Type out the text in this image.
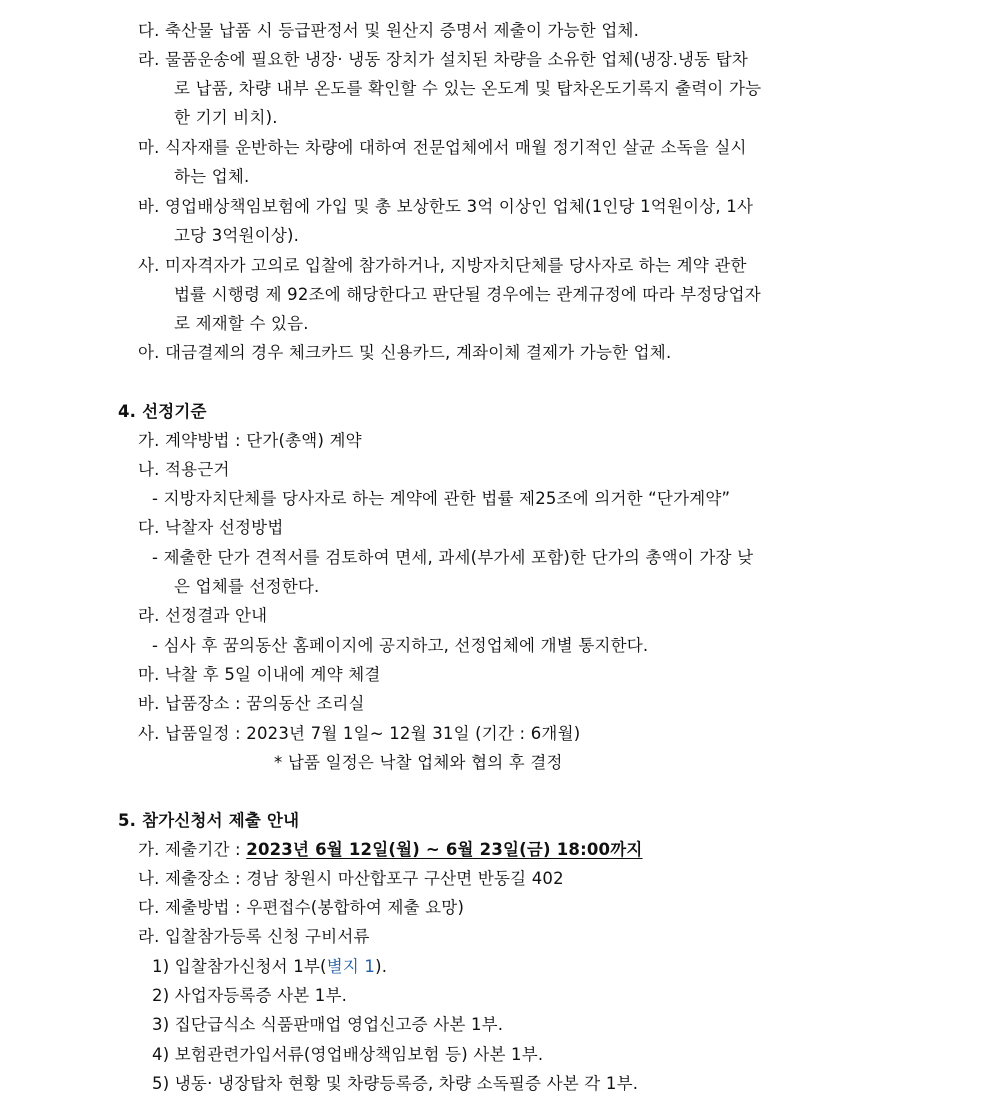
다. 축산물 납품 시 등급판정서 및 원산지 증명서 제출이 가능한 업체.
라. 물품운송에 필요한 냉장· 냉동 장치가 설치된 차량을 소유한 업체(냉장.냉동 탑차
로 납품, 차량 내부 온도를 확인할 수 있는 온도계 및 탑차온도기록지 출력이 가능
한 기기 비치).
마. 식자재를 운반하는 차량에 대하여 전문업체에서 매월 정기적인 살균 소독을 실시
하는 업체.
바. 영업배상책임보험에 가입 및 총 보상한도 3억 이상인 업체(1인당 1억원이상, 1사
고당 3억원이상).
사. 미자격자가 고의로 입찰에 참가하거나, 지방자치단체를 당사자로 하는 계약 관한
법률 시행령 제 92조에 해당한다고 판단될 경우에는 관계규정에 따라 부정당업자
로 제재할 수 있음.
아. 대금결제의 경우 체크카드 및 신용카드, 계좌이체 결제가 가능한 업체.
4. 선정기준
가. 계약방법 : 단가(총액) 계약
나. 적용근거
- 지방자치단체를 당사자로 하는 계약에 관한 법률 제25조에 의거한 “단가계약”
다. 낙찰자 선정방법
- 제출한 단가 견적서를 검토하여 면세, 과세(부가세 포함)한 단가의 총액이 가장 낮
은 업체를 선정한다.
라. 선정결과 안내
- 심사 후 꿈의동산 홈페이지에 공지하고, 선정업체에 개별 통지한다.
마. 낙찰 후 5일 이내에 계약 체결
바. 납품장소 : 꿈의동산 조리실
사. 납품일정 : 2023년 7월 1일~ 12월 31일 (기간 : 6개월)
* 납품 일정은 낙찰 업체와 협의 후 결정
5. 참가신청서 제출 안내
가. 제출기간 : 2023년 6월 12일(월) ~ 6월 23일(금) 18:00까지
나. 제출장소 : 경남 창원시 마산합포구 구산면 반동길 402
다. 제출방법 : 우편접수(봉합하여 제출 요망)
라. 입찰참가등록 신청 구비서류
1) 입찰참가신청서 1부(별지 1).
2) 사업자등록증 사본 1부.
3) 집단급식소 식품판매업 영업신고증 사본 1부.
4) 보험관련가입서류(영업배상책임보험 등) 사본 1부.
5) 냉동· 냉장탑차 현황 및 차량등록증, 차량 소독필증 사본 각 1부.
